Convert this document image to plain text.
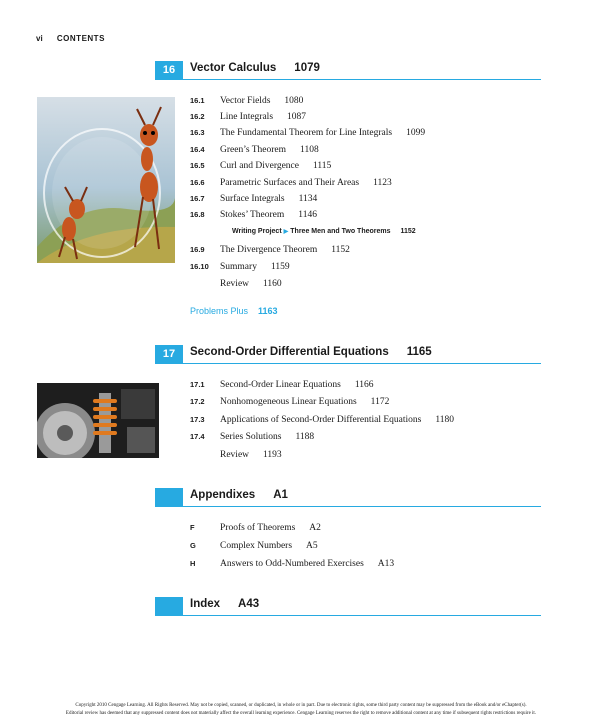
vi CONTENTS
16	Vector Calculus 1079
16.1 Vector Fields 1080
16.2 Line Integrals 1087
16.3 The Fundamental Theorem for Line Integrals 1099
16.4 Green’s Theorem 1108
16.5 Curl and Divergence 1115
16.6 Parametric Surfaces and Their Areas 1123
16.7 Surface Integrals 1134
16.8 Stokes’ Theorem 1146
Writing Project ▶ Three Men and Two Theorems 1152
16.9 The Divergence Theorem 1152
16.10 Summary 1159
Review 1160
Problems Plus 1163
17	Second-Order Differential Equations 1165
17.1 Second-Order Linear Equations 1166
17.2 Nonhomogeneous Linear Equations 1172
17.3 Applications of Second-Order Differential Equations 1180
17.4 Series Solutions 1188
Review 1193
Appendixes A1
F	Proofs of Theorems A2
G	Complex Numbers A5
H	Answers to Odd-Numbered Exercises A13
Index A43
Copyright 2010 Cengage Learning. All Rights Reserved. May not be copied, scanned, or duplicated, in whole or in part. Due to electronic rights, some third party content may be suppressed from the eBook and/or eChapter(s).
Editorial review has deemed that any suppressed content does not materially affect the overall learning experience. Cengage Learning reserves the right to remove additional content at any time if subsequent rights restrictions require it.
